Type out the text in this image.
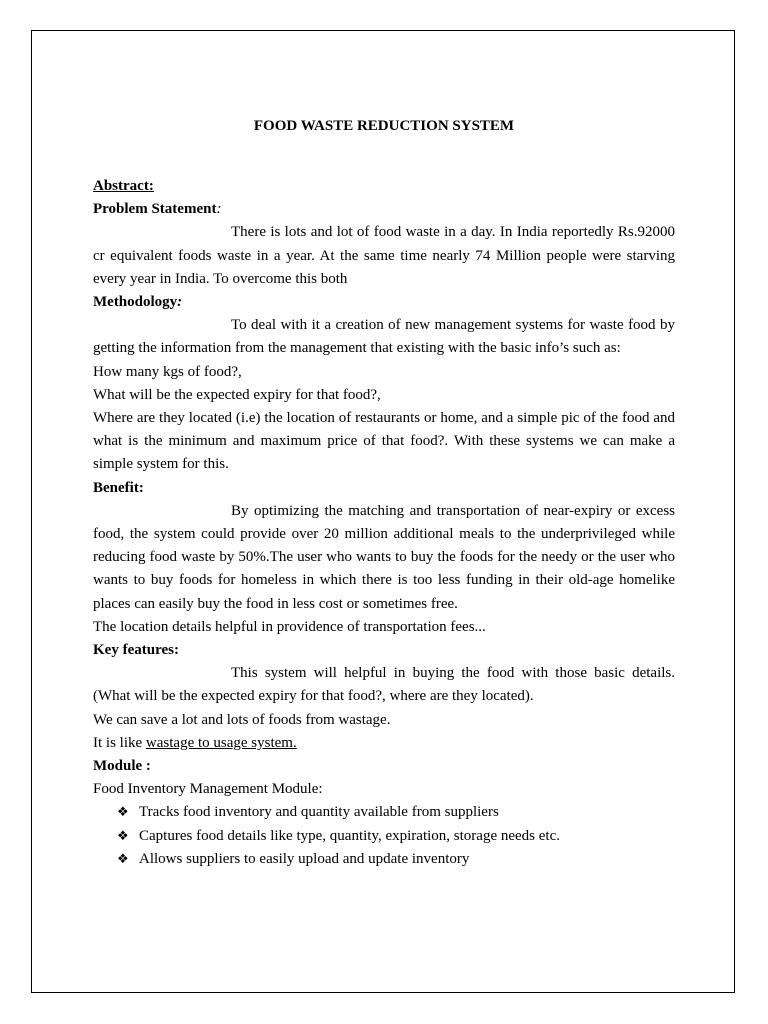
FOOD WASTE REDUCTION SYSTEM
Abstract:
Problem Statement:
There is lots and lot of food waste in a day. In India reportedly Rs.92000 cr equivalent foods waste in a year. At the same time nearly 74 Million people were starving every year in India. To overcome this both
Methodology:
To deal with it a creation of new management systems for waste food by getting the information from the management that existing with the basic info’s such as:
How many kgs of food?,
What will be the expected expiry for that food?,
Where are they located (i.e) the location of restaurants or home, and a simple pic of the food and what is the minimum and maximum price of that food?. With these systems we can make a simple system for this.
Benefit:
By optimizing the matching and transportation of near-expiry or excess food, the system could provide over 20 million additional meals to the underprivileged while reducing food waste by 50%.The user who wants to buy the foods for the needy or the user who wants to buy foods for homeless in which there is too less funding in their old-age homelike places can easily buy the food in less cost or sometimes free.
The location details helpful in providence of transportation fees...
Key features:
This system will helpful in buying the food with those basic details. (What will be the expected expiry for that food?, where are they located).
We can save a lot and lots of foods from wastage.
It is like wastage to usage system.
Module :
Food Inventory Management Module:
❖ Tracks food inventory and quantity available from suppliers
❖ Captures food details like type, quantity, expiration, storage needs etc.
❖ Allows suppliers to easily upload and update inventory
